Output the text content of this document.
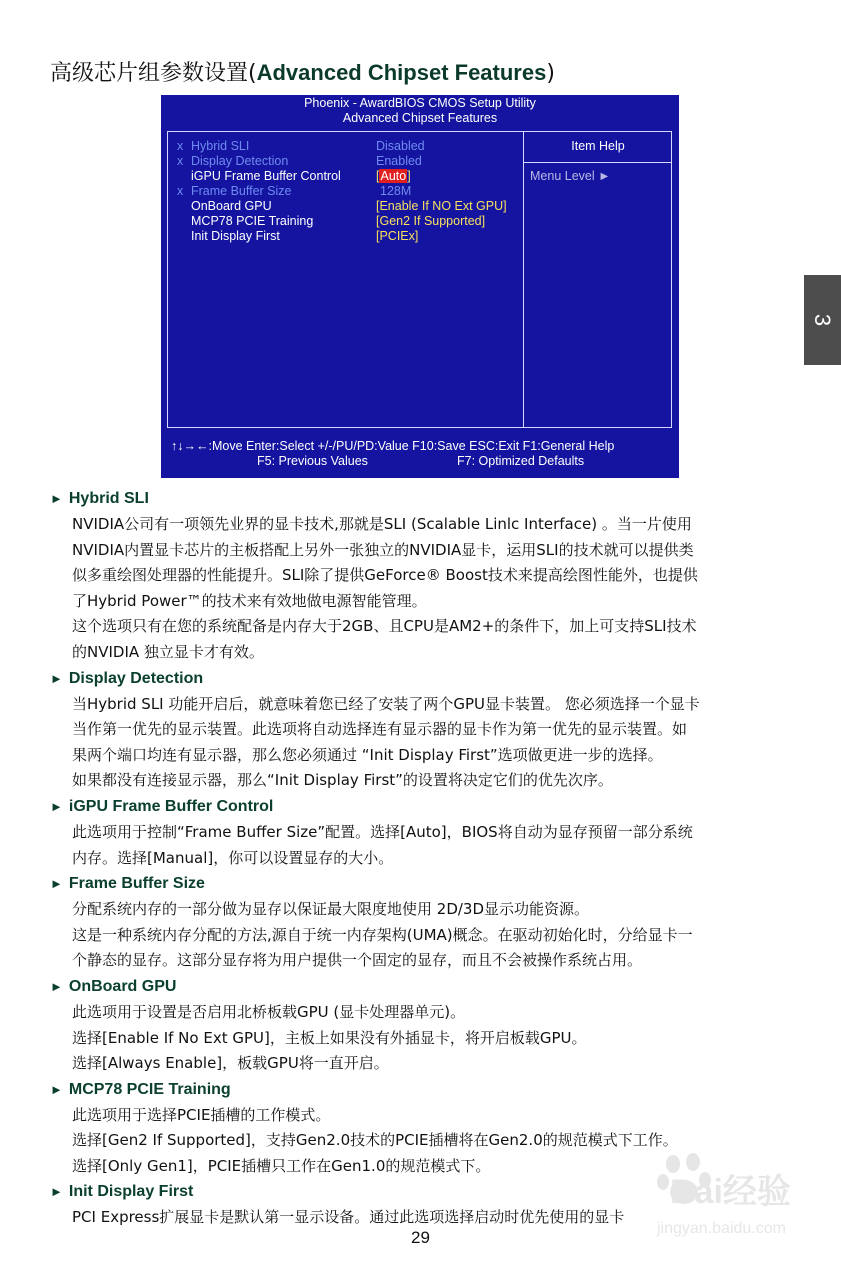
高级芯片组参数设置(Advanced Chipset Features)
Phoenix - AwardBIOS CMOS Setup Utility
Advanced Chipset Features
x Hybrid SLI	Disabled
x Display Detection	Enabled
iGPU Frame Buffer Control	[Auto]
x Frame Buffer Size	128M
OnBoard GPU	[Enable If NO Ext GPU]
MCP78 PCIE Training	[Gen2 If Supported]
Init Display First	[PCIEx]
Item Help
Menu Level ►
↑↓→←:Move Enter:Select +/-/PU/PD:Value F10:Save ESC:Exit F1:General Help
F5: Previous Values	F7: Optimized Defaults
3
► Hybrid SLI
NVIDIA公司有一项领先业界的显卡技术,那就是SLI (Scalable Linlc Interface) 。当一片使用
NVIDIA内置显卡芯片的主板搭配上另外一张独立的NVIDIA显卡，运用SLI的技术就可以提供类
似多重绘图处理器的性能提升。SLI除了提供GeForce® Boost技术来提高绘图性能外，也提供
了Hybrid Power™的技术来有效地做电源智能管理。
这个选项只有在您的系统配备是内存大于2GB、且CPU是AM2+的条件下，加上可支持SLI技术
的NVIDIA 独立显卡才有效。
► Display Detection
当Hybrid SLI 功能开启后，就意味着您已经了安装了两个GPU显卡装置。 您必须选择一个显卡
当作第一优先的显示装置。此选项将自动选择连有显示器的显卡作为第一优先的显示装置。如
果两个端口均连有显示器，那么您必须通过 “Init Display First”选项做更进一步的选择。
如果都没有连接显示器，那么“Init Display First”的设置将决定它们的优先次序。
► iGPU Frame Buffer Control
此选项用于控制“Frame Buffer Size”配置。选择[Auto]，BIOS将自动为显存预留一部分系统
内存。选择[Manual]，你可以设置显存的大小。
► Frame Buffer Size
分配系统内存的一部分做为显存以保证最大限度地使用 2D/3D显示功能资源。
这是一种系统内存分配的方法,源自于统一内存架构(UMA)概念。在驱动初始化时，分给显卡一
个静态的显存。这部分显存将为用户提供一个固定的显存，而且不会被操作系统占用。
► OnBoard GPU
此选项用于设置是否启用北桥板载GPU (显卡处理器单元)。
选择[Enable If No Ext GPU]，主板上如果没有外插显卡，将开启板载GPU。
选择[Always Enable]，板载GPU将一直开启。
► MCP78 PCIE Training
此选项用于选择PCIE插槽的工作模式。
选择[Gen2 If Supported]，支持Gen2.0技术的PCIE插槽将在Gen2.0的规范模式下工作。
选择[Only Gen1]，PCIE插槽只工作在Gen1.0的规范模式下。
► Init Display First
PCI Express扩展显卡是默认第一显示设备。通过此选项选择启动时优先使用的显卡
Bai经验
jingyan.baidu.com
29
